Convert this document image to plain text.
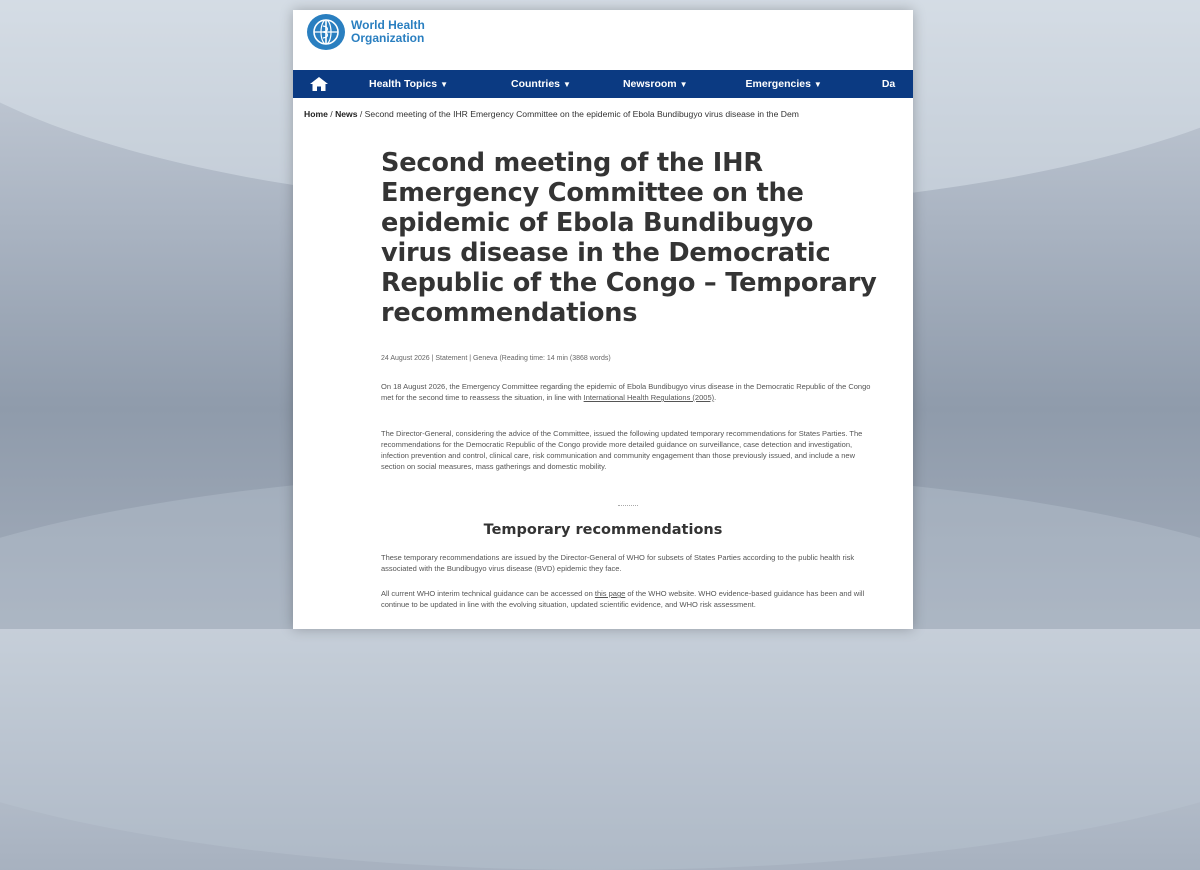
World Health
Organization
Health Topics ▼	Countries ▼	Newsroom ▼	Emergencies ▼	Da
Home / News / Second meeting of the IHR Emergency Committee on the epidemic of Ebola Bundibugyo virus disease in the Dem
Second meeting of the IHR Emergency Committee on the epidemic of Ebola Bundibugyo virus disease in the Democratic Republic of the Congo – Temporary recommendations
24 August 2026 | Statement | Geneva (Reading time: 14 min (3868 words)

On 18 August 2026, the Emergency Committee regarding the epidemic of Ebola Bundibugyo virus disease in the Democratic Republic of the Congo met for the second time to reassess the situation, in line with International Health Regulations (2005).

The Director-General, considering the advice of the Committee, issued the following updated temporary recommendations for States Parties. The recommendations for the Democratic Republic of the Congo provide more detailed guidance on surveillance, case detection and investigation, infection prevention and control, clinical care, risk communication and community engagement than those previously issued, and include a new section on social measures, mass gatherings and domestic mobility.

Temporary recommendations

These temporary recommendations are issued by the Director-General of WHO for subsets of States Parties according to the public health risk associated with the Bundibugyo virus disease (BVD) epidemic they face.

All current WHO interim technical guidance can be accessed on this page of the WHO website. WHO evidence-based guidance has been and will continue to be updated in line with the evolving situation, updated scientific evidence, and WHO risk assessment.
